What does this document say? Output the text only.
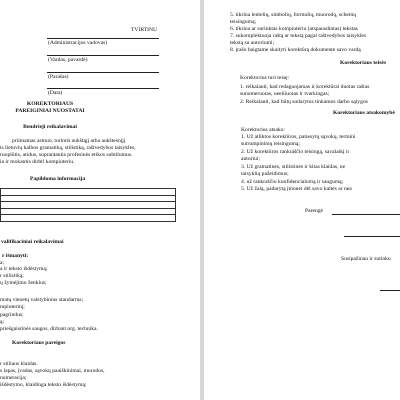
TVIRTINU
(Administracijos vadovas)
(Vardas, pavardė)
(Parašas)
(Data)
KOREKTORIAUS
PAREIGINIAI NUOSTATAI
Bendrieji reikalavimai
priimamas asmuo, turintis aukštąjį arba aukštesnįjį
is lietuvių kalbos gramatiką, stilistiką, raštvedybos taisykles,
ruoplūtis, atidus, suprantantis profesinės etikos subtilumus.
ia ir mokantis dirbti kompiuteriu.
Papildoma informacija

valifikaciniai reikalavimai
r išmanyti:
a;
a ir teksto išdėstymą;
r stilistiką;
ų žymėjimo ženklus;
matų vienetų valstybinius standartus;
mpiuterinį;
pagrindus;
ą;
priešgaisrinės saugos, dirbant org. technika.
Korektoriaus pareigos
r stiliaus klaidas.
s lapas, įvadas, sąvokų paaiškinimai, murodos,
numeracija;
išdėstymo, klaidinga teksto išdėstymą;
5. tikrina lentelių, simbolių, formulių, muorodų, schemų
teisingumą;
6. tikrina ar surinktas kompiuteriu (atspausdintas) tekstas
7. sukomplektuoja raštą ar tekstą pagal raštvedybos taisykles
tekstą su autoriumi;
8. įrašo baigtame skaityti korektūrą dokumente savo vardą
Korektoriaus teisės
Korektorius turi teisę:
1. reikalauti, kad redaguojamas ir korektūrai duotas raštas
sunumeruotas, neeiliuotas ir tvarkingas;
2. Reikalauti, kad būtų sudarytos tinkamos darbo sąlygos
Korektoriaus atsakomybė
Korektorius atsako:
1. Už atliktos korektūros, patiesytų sąvokų, termini
sutrumpinimų teisingumą;
2. Už korektūros rankraščio teisingą, savalaikį ir
autoriui;
3. Už gramatines, stilistines ir kitas klaidas, ne
taisyklių pažeidimus;
4. už rankraščio konfidencialumą ir saugumą;
5. Už žalą, padarytą įmonei dėl savo kaltės ar nea
Parengė
Susipažinau ir sutinku
